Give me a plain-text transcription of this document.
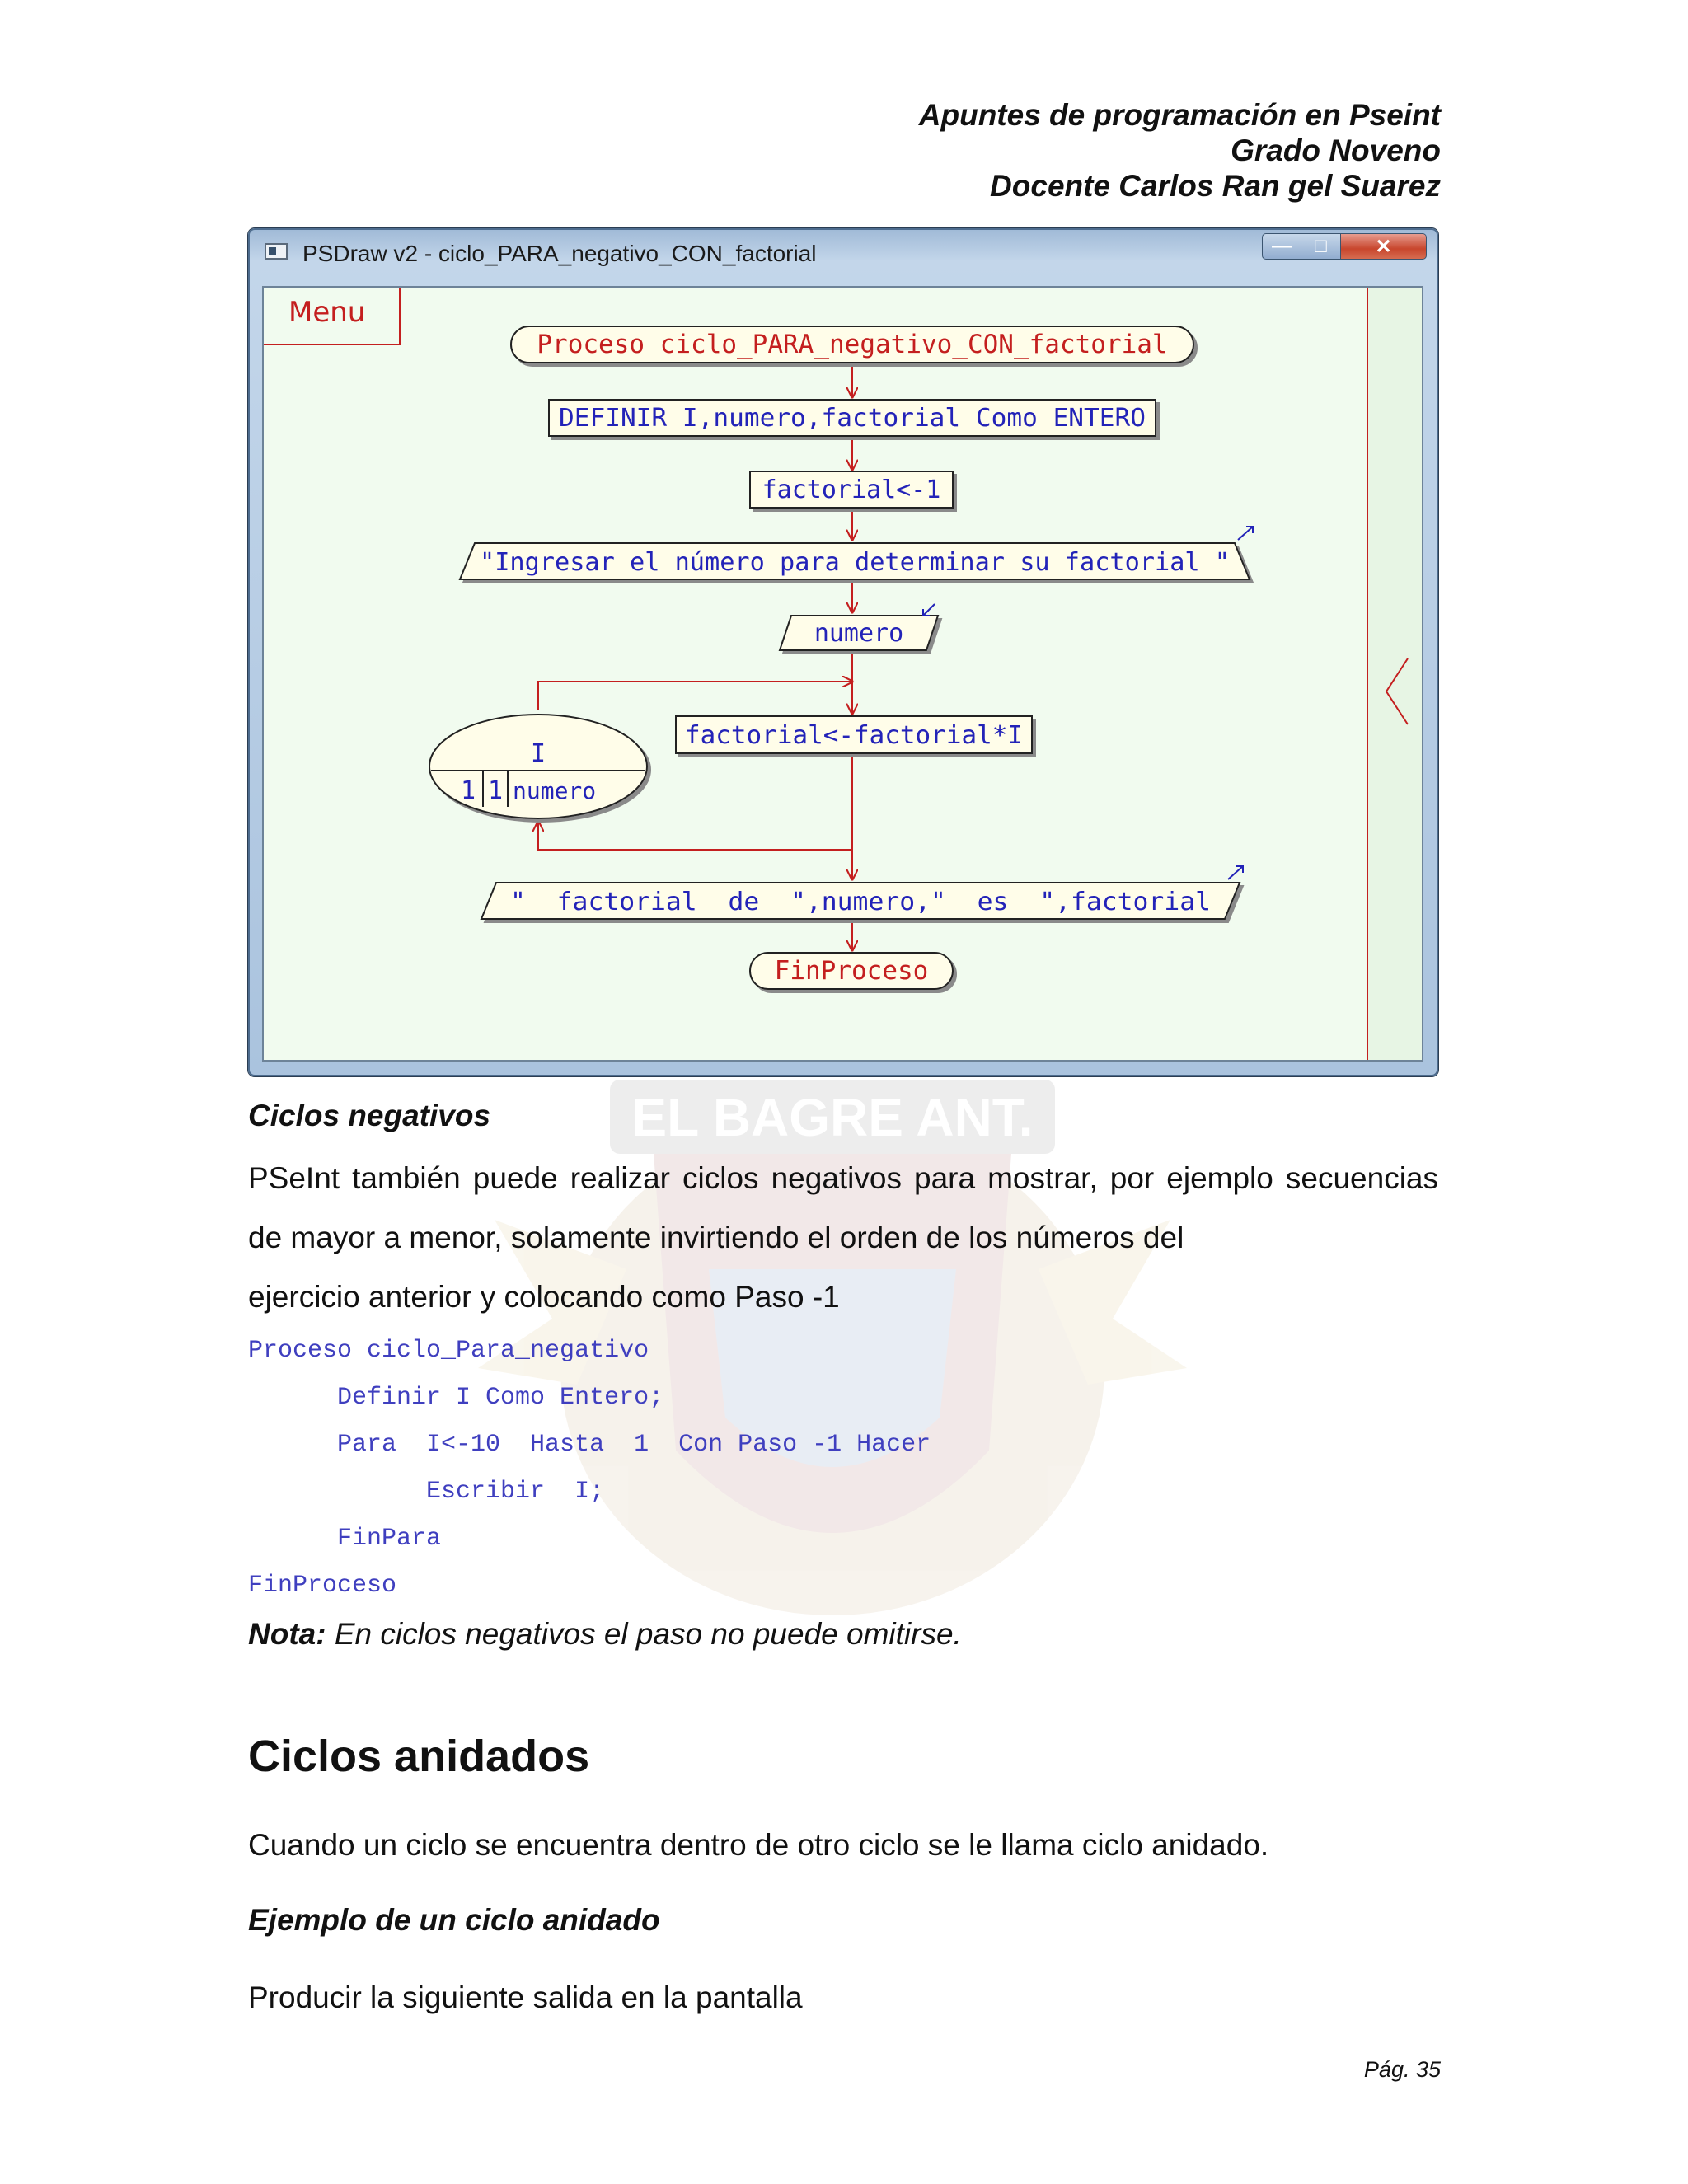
EL BAGRE ANT.
Apuntes de programación en Pseint
Grado Noveno
Docente Carlos Ran gel Suarez
PSDraw v2 - ciclo_PARA_negativo_CON_factorial	—	□	✕
Menu
Proceso ciclo_PARA_negativo_CON_factorial
DEFINIR I,numero,factorial Como ENTERO
factorial<-1
"Ingresar el número para determinar su factorial "
numero
factorial<-factorial*I
I
1 1 numero
"  factorial  de  ",numero,"  es  ",factorial
FinProceso
Ciclos negativos
PSeInt también puede realizar ciclos negativos para mostrar, por ejemplo secuencias de mayor a menor, solamente invirtiendo el orden de los números del
ejercicio anterior y colocando como Paso -1
Proceso ciclo_Para_negativo
Definir I Como Entero;
Para  I<-10  Hasta  1  Con Paso -1 Hacer
Escribir  I;
FinPara
FinProceso
Nota: En ciclos negativos el paso no puede omitirse.
Ciclos anidados
Cuando un ciclo se encuentra dentro de otro ciclo se le llama ciclo anidado.
Ejemplo de un ciclo anidado
Producir la siguiente salida en la pantalla
Pág. 35
